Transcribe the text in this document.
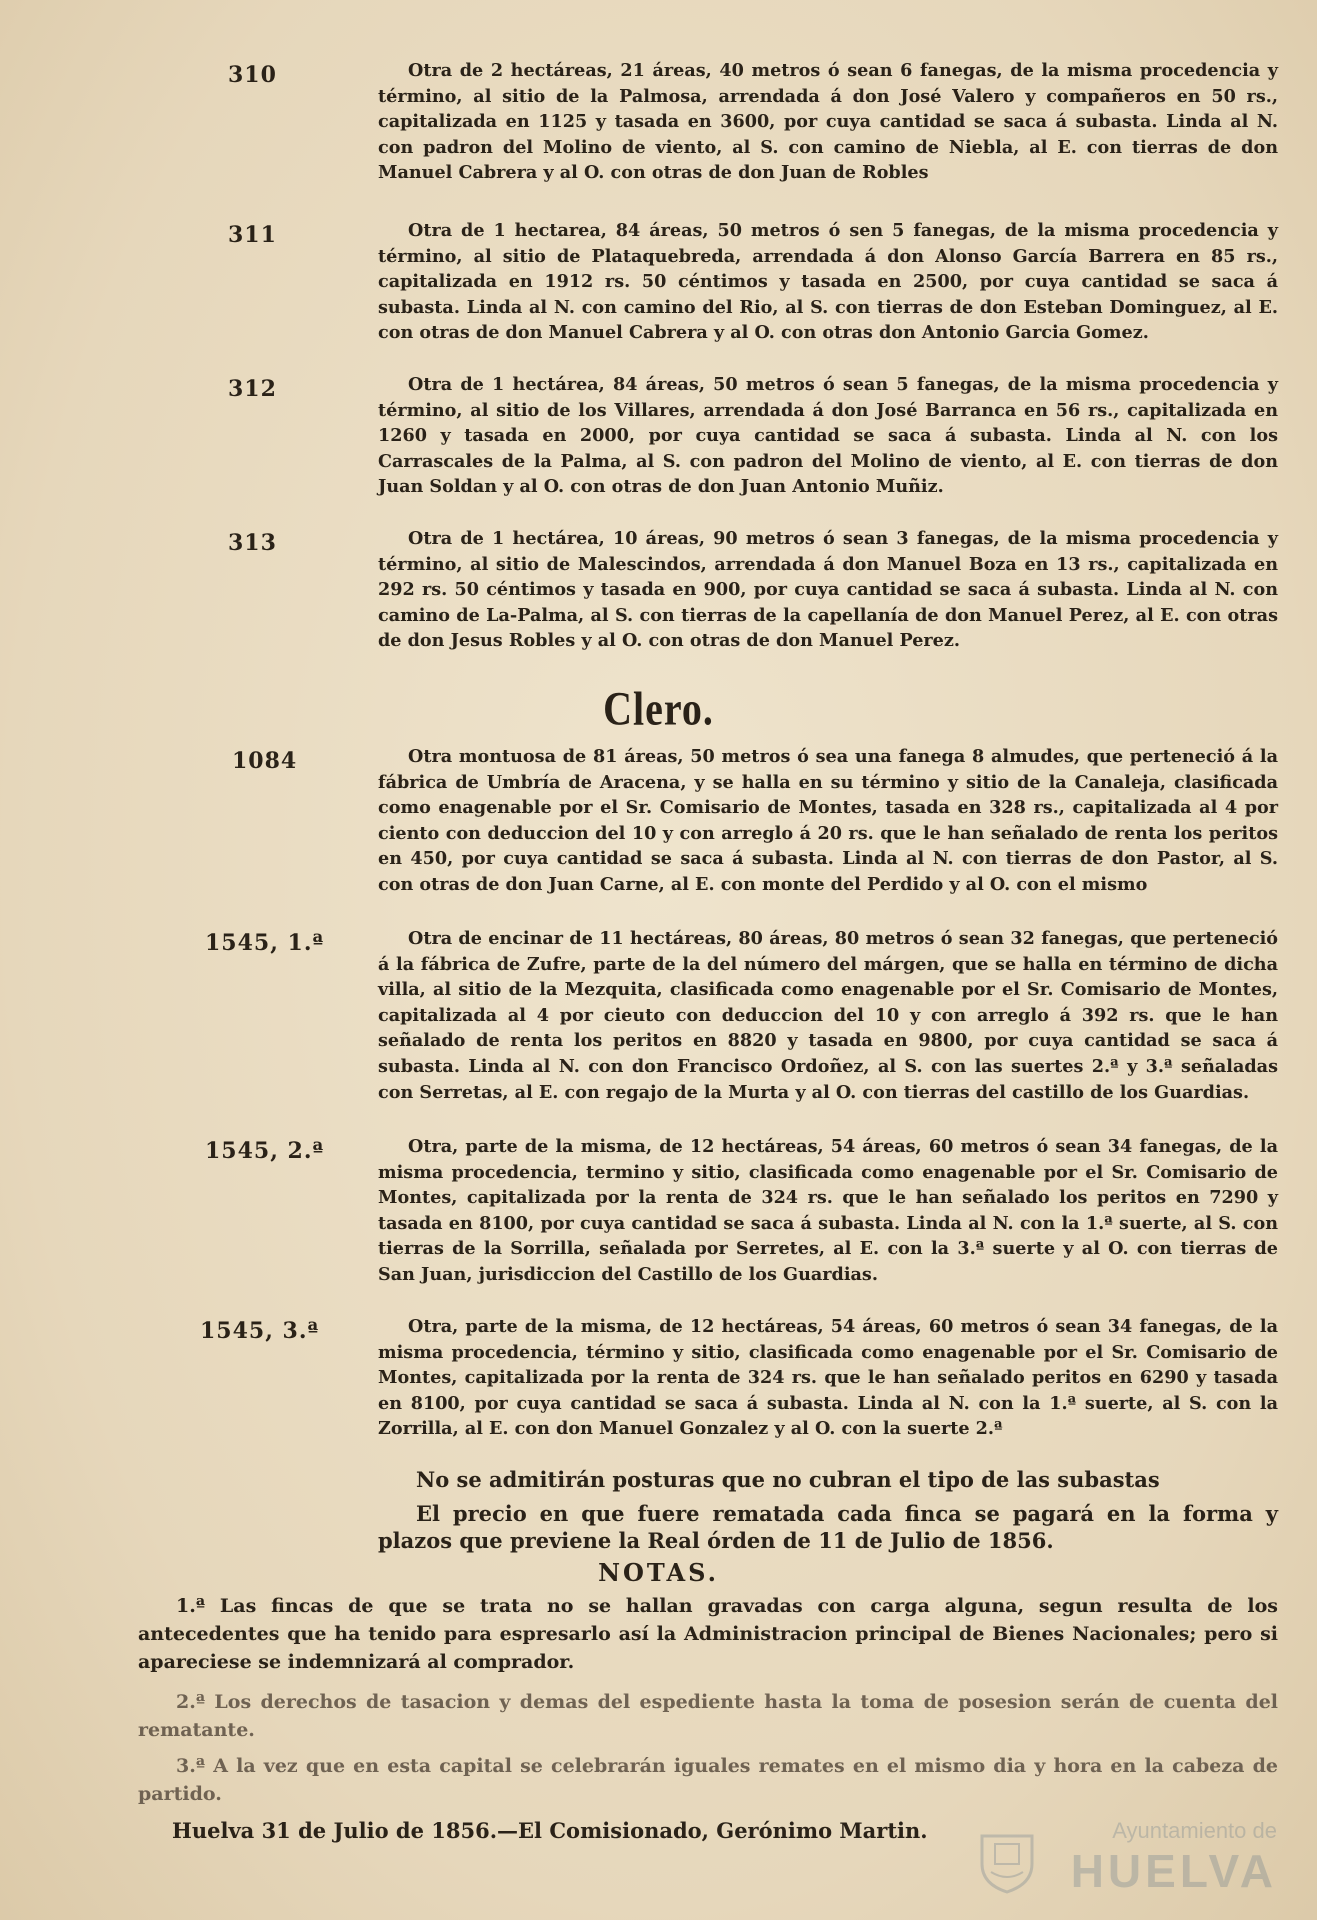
310	Otra de 2 hectáreas, 21 áreas, 40 metros ó sean 6 fanegas, de la misma procedencia y término, al sitio de la Palmosa, arrendada á don José Valero y compañeros en 50 rs., capitalizada en 1125 y tasada en 3600, por cuya cantidad se saca á subasta. Linda al N. con padron del Molino de viento, al S. con camino de Niebla, al E. con tierras de don Manuel Cabrera y al O. con otras de don Juan de Robles
311	Otra de 1 hectarea, 84 áreas, 50 metros ó sen 5 fanegas, de la misma procedencia y término, al sitio de Plataquebreda, arrendada á don Alonso García Barrera en 85 rs., capitalizada en 1912 rs. 50 céntimos y tasada en 2500, por cuya cantidad se saca á subasta. Linda al N. con camino del Rio, al S. con tierras de don Esteban Dominguez, al E. con otras de don Manuel Cabrera y al O. con otras don Antonio Garcia Gomez.
312	Otra de 1 hectárea, 84 áreas, 50 metros ó sean 5 fanegas, de la misma procedencia y término, al sitio de los Villares, arrendada á don José Barranca en 56 rs., capitalizada en 1260 y tasada en 2000, por cuya cantidad se saca á subasta. Linda al N. con los Carrascales de la Palma, al S. con padron del Molino de viento, al E. con tierras de don Juan Soldan y al O. con otras de don Juan Antonio Muñiz.
313	Otra de 1 hectárea, 10 áreas, 90 metros ó sean 3 fanegas, de la misma procedencia y término, al sitio de Malescindos, arrendada á don Manuel Boza en 13 rs., capitalizada en 292 rs. 50 céntimos y tasada en 900, por cuya cantidad se saca á subasta. Linda al N. con camino de La-Palma, al S. con tierras de la capellanía de don Manuel Perez, al E. con otras de don Jesus Robles y al O. con otras de don Manuel Perez.
Clero.
1084	Otra montuosa de 81 áreas, 50 metros ó sea una fanega 8 almudes, que perteneció á la fábrica de Umbría de Aracena, y se halla en su término y sitio de la Canaleja, clasificada como enagenable por el Sr. Comisario de Montes, tasada en 328 rs., capitalizada al 4 por ciento con deduccion del 10 y con arreglo á 20 rs. que le han señalado de renta los peritos en 450, por cuya cantidad se saca á subasta. Linda al N. con tierras de don Pastor, al S. con otras de don Juan Carne, al E. con monte del Perdido y al O. con el mismo
1545, 1.ª	Otra de encinar de 11 hectáreas, 80 áreas, 80 metros ó sean 32 fanegas, que perteneció á la fábrica de Zufre, parte de la del número del márgen, que se halla en término de dicha villa, al sitio de la Mezquita, clasificada como enagenable por el Sr. Comisario de Montes, capitalizada al 4 por cieuto con deduccion del 10 y con arreglo á 392 rs. que le han señalado de renta los peritos en 8820 y tasada en 9800, por cuya cantidad se saca á subasta. Linda al N. con don Francisco Ordoñez, al S. con las suertes 2.ª y 3.ª señaladas con Serretas, al E. con regajo de la Murta y al O. con tierras del castillo de los Guardias.
1545, 2.ª	Otra, parte de la misma, de 12 hectáreas, 54 áreas, 60 metros ó sean 34 fanegas, de la misma procedencia, termino y sitio, clasificada como enagenable por el Sr. Comisario de Montes, capitalizada por la renta de 324 rs. que le han señalado los peritos en 7290 y tasada en 8100, por cuya cantidad se saca á subasta. Linda al N. con la 1.ª suerte, al S. con tierras de la Sorrilla, señalada por Serretes, al E. con la 3.ª suerte y al O. con tierras de San Juan, jurisdiccion del Castillo de los Guardias.
1545, 3.ª	Otra, parte de la misma, de 12 hectáreas, 54 áreas, 60 metros ó sean 34 fanegas, de la misma procedencia, término y sitio, clasificada como enagenable por el Sr. Comisario de Montes, capitalizada por la renta de 324 rs. que le han señalado peritos en 6290 y tasada en 8100, por cuya cantidad se saca á subasta. Linda al N. con la 1.ª suerte, al S. con la Zorrilla, al E. con don Manuel Gonzalez y al O. con la suerte 2.ª
No se admitirán posturas que no cubran el tipo de las subastas
El precio en que fuere rematada cada finca se pagará en la forma y plazos que previene la Real órden de 11 de Julio de 1856.
NOTAS.
1.ª Las fincas de que se trata no se hallan gravadas con carga alguna, segun resulta de los antecedentes que ha tenido para espresarlo así la Administracion principal de Bienes Nacionales; pero si apareciese se indemnizará al comprador.
2.ª Los derechos de tasacion y demas del espediente hasta la toma de posesion serán de cuenta del rematante.
3.ª A la vez que en esta capital se celebrarán iguales remates en el mismo dia y hora en la cabeza de partido.
Huelva 31 de Julio de 1856.—El Comisionado, Gerónimo Martin.	Ayuntamiento de
HUELVA
